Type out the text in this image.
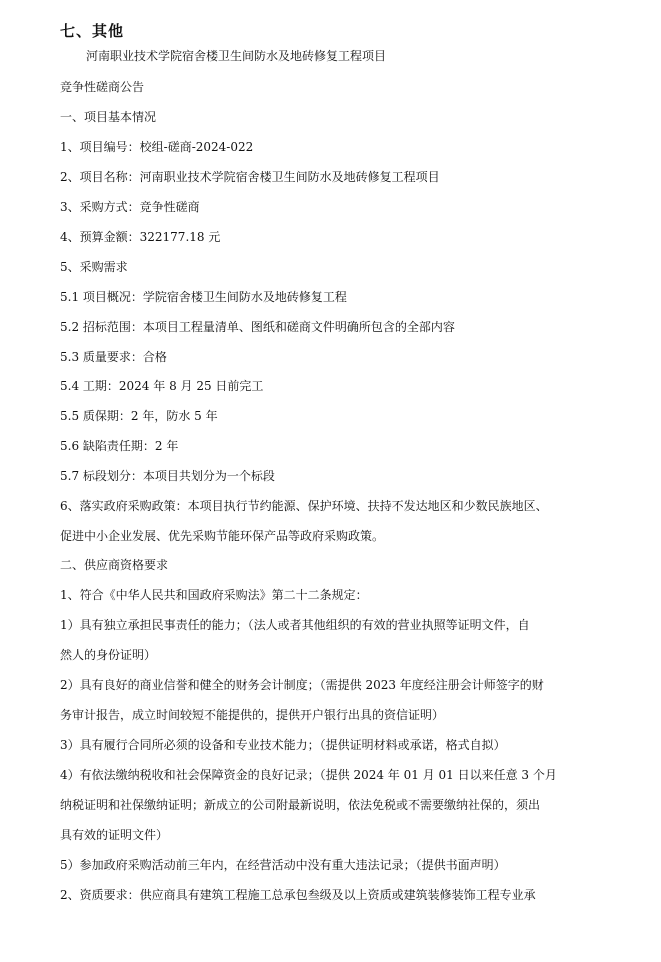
七、其他
河南职业技术学院宿舍楼卫生间防水及地砖修复工程项目
竞争性磋商公告
一、项目基本情况
1、项目编号：校组-磋商-2024-022
2、项目名称：河南职业技术学院宿舍楼卫生间防水及地砖修复工程项目
3、采购方式：竞争性磋商
4、预算金额：322177.18 元
5、采购需求
5.1 项目概况：学院宿舍楼卫生间防水及地砖修复工程
5.2 招标范围：本项目工程量清单、图纸和磋商文件明确所包含的全部内容
5.3 质量要求：合格
5.4 工期：2024 年 8 月 25 日前完工
5.5 质保期：2 年，防水 5 年
5.6 缺陷责任期：2 年
5.7 标段划分：本项目共划分为一个标段
6、落实政府采购政策：本项目执行节约能源、保护环境、扶持不发达地区和少数民族地区、
促进中小企业发展、优先采购节能环保产品等政府采购政策。
二、供应商资格要求
1、符合《中华人民共和国政府采购法》第二十二条规定：
1）具有独立承担民事责任的能力；（法人或者其他组织的有效的营业执照等证明文件，自
然人的身份证明）
2）具有良好的商业信誉和健全的财务会计制度；（需提供 2023 年度经注册会计师签字的财
务审计报告，成立时间较短不能提供的，提供开户银行出具的资信证明）
3）具有履行合同所必须的设备和专业技术能力；（提供证明材料或承诺，格式自拟）
4）有依法缴纳税收和社会保障资金的良好记录；（提供 2024 年 01 月 01 日以来任意 3 个月
纳税证明和社保缴纳证明；新成立的公司附最新说明，依法免税或不需要缴纳社保的，须出
具有效的证明文件）
5）参加政府采购活动前三年内，在经营活动中没有重大违法记录；（提供书面声明）
2、资质要求：供应商具有建筑工程施工总承包叁级及以上资质或建筑装修装饰工程专业承
